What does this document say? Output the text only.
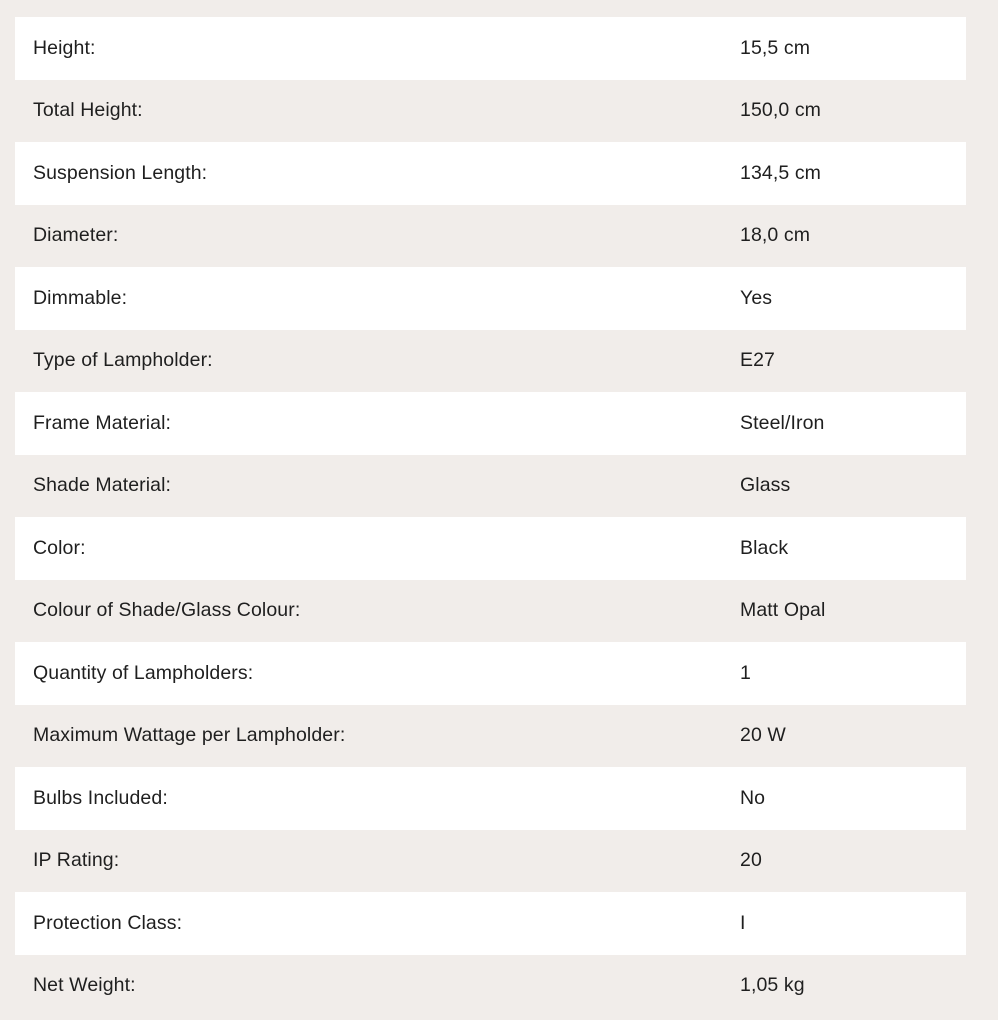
Height:	15,5 cm
Total Height:	150,0 cm
Suspension Length:	134,5 cm
Diameter:	18,0 cm
Dimmable:	Yes
Type of Lampholder:	E27
Frame Material:	Steel/Iron
Shade Material:	Glass
Color:	Black
Colour of Shade/Glass Colour:	Matt Opal
Quantity of Lampholders:	1
Maximum Wattage per Lampholder:	20 W
Bulbs Included:	No
IP Rating:	20
Protection Class:	I
Net Weight:	1,05 kg
